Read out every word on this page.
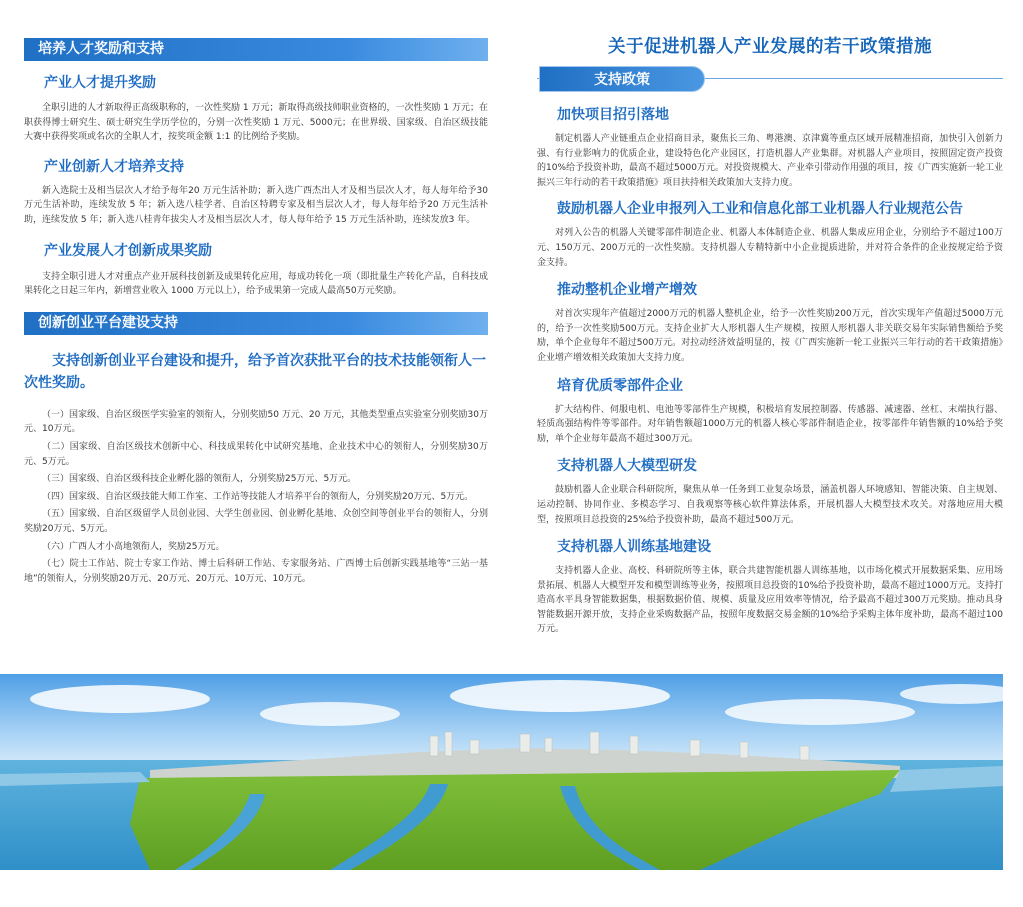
培养人才奖励和支持
产业人才提升奖励
全职引进的人才新取得正高级职称的，一次性奖励 1 万元；新取得高级技师职业资格的，一次性奖励 1 万元；在职获得博士研究生、硕士研究生学历学位的，分别一次性奖励 1 万元、5000元；在世界级、国家级、自治区级技能大赛中获得奖项或名次的全职人才，按奖项金额 1:1 的比例给予奖励。
产业创新人才培养支持
新入选院士及相当层次人才给予每年20 万元生活补助；新入选广西杰出人才及相当层次人才，每人每年给予30 万元生活补助，连续发放 5 年；新入选八桂学者、自治区特聘专家及相当层次人才，每人每年给予20 万元生活补助，连续发放 5 年；新入选八桂青年拔尖人才及相当层次人才，每人每年给予 15 万元生活补助，连续发放3 年。
产业发展人才创新成果奖励
支持全职引进人才对重点产业开展科技创新及成果转化应用，每成功转化一项（即批量生产转化产品，自科技成果转化之日起三年内，新增营业收入 1000 万元以上），给予成果第一完成人最高50万元奖励。
创新创业平台建设支持
支持创新创业平台建设和提升，给予首次获批平台的技术技能领衔人一次性奖励。

（一）国家级、自治区级医学实验室的领衔人，分别奖励50 万元、20 万元，其他类型重点实验室分别奖励30万元、10万元。

（二）国家级、自治区级技术创新中心、科技成果转化中试研究基地、企业技术中心的领衔人，分别奖励30万元、5万元。

（三）国家级、自治区级科技企业孵化器的领衔人，分别奖励25万元、5万元。

（四）国家级、自治区级技能大师工作室、工作站等技能人才培养平台的领衔人，分别奖励20万元、5万元。

（五）国家级、自治区级留学人员创业园、大学生创业园、创业孵化基地、众创空间等创业平台的领衔人，分别奖励20万元、5万元。

（六）广西人才小高地领衔人，奖励25万元。

（七）院士工作站、院士专家工作站、博士后科研工作站、专家服务站、广西博士后创新实践基地等“三站一基地”的领衔人，分别奖励20万元、20万元、20万元、10万元、10万元。

关于促进机器人产业发展的若干政策措施
支持政策
加快项目招引落地
制定机器人产业链重点企业招商目录，聚焦长三角、粤港澳、京津冀等重点区域开展精准招商，加快引入创新力强、有行业影响力的优质企业，建设特色化产业园区，打造机器人产业集群。对机器人产业项目，按照固定资产投资的10%给予投资补助，最高不超过5000万元。对投资规模大、产业牵引带动作用强的项目，按《广西实施新一轮工业振兴三年行动的若干政策措施》项目扶持相关政策加大支持力度。
鼓励机器人企业申报列入工业和信息化部工业机器人行业规范公告
对列入公告的机器人关键零部件制造企业、机器人本体制造企业、机器人集成应用企业，分别给予不超过100万元、150万元、200万元的一次性奖励。支持机器人专精特新中小企业提质进阶，并对符合条件的企业按规定给予资金支持。
推动整机企业增产增效
对首次实现年产值超过2000万元的机器人整机企业，给予一次性奖励200万元，首次实现年产值超过5000万元的，给予一次性奖励500万元。支持企业扩大人形机器人生产规模，按照人形机器人非关联交易年实际销售额给予奖励，单个企业每年不超过500万元。对拉动经济效益明显的，按《广西实施新一轮工业振兴三年行动的若干政策措施》企业增产增效相关政策加大支持力度。
培育优质零部件企业
扩大结构件、伺服电机、电池等零部件生产规模，积极培育发展控制器、传感器、减速器、丝杠、末端执行器、轻质高强结构件等零部件。对年销售额超1000万元的机器人核心零部件制造企业，按零部件年销售额的10%给予奖励，单个企业每年最高不超过300万元。
支持机器人大模型研发
鼓励机器人企业联合科研院所，聚焦从单一任务到工业复杂场景，涵盖机器人环境感知、智能决策、自主规划、运动控制、协同作业、多模态学习、自我观察等核心软件算法体系，开展机器人大模型技术攻关。对落地应用大模型，按照项目总投资的25%给予投资补助，最高不超过500万元。
支持机器人训练基地建设
支持机器人企业、高校、科研院所等主体，联合共建智能机器人训练基地，以市场化模式开展数据采集、应用场景拓展、机器人大模型开发和模型训练等业务，按照项目总投资的10%给予投资补助，最高不超过1000万元。支持打造高水平具身智能数据集，根据数据价值、规模、质量及应用效率等情况，给予最高不超过300万元奖励。推动具身智能数据开源开放，支持企业采购数据产品，按照年度数据交易金额的10%给予采购主体年度补助，最高不超过100万元。
